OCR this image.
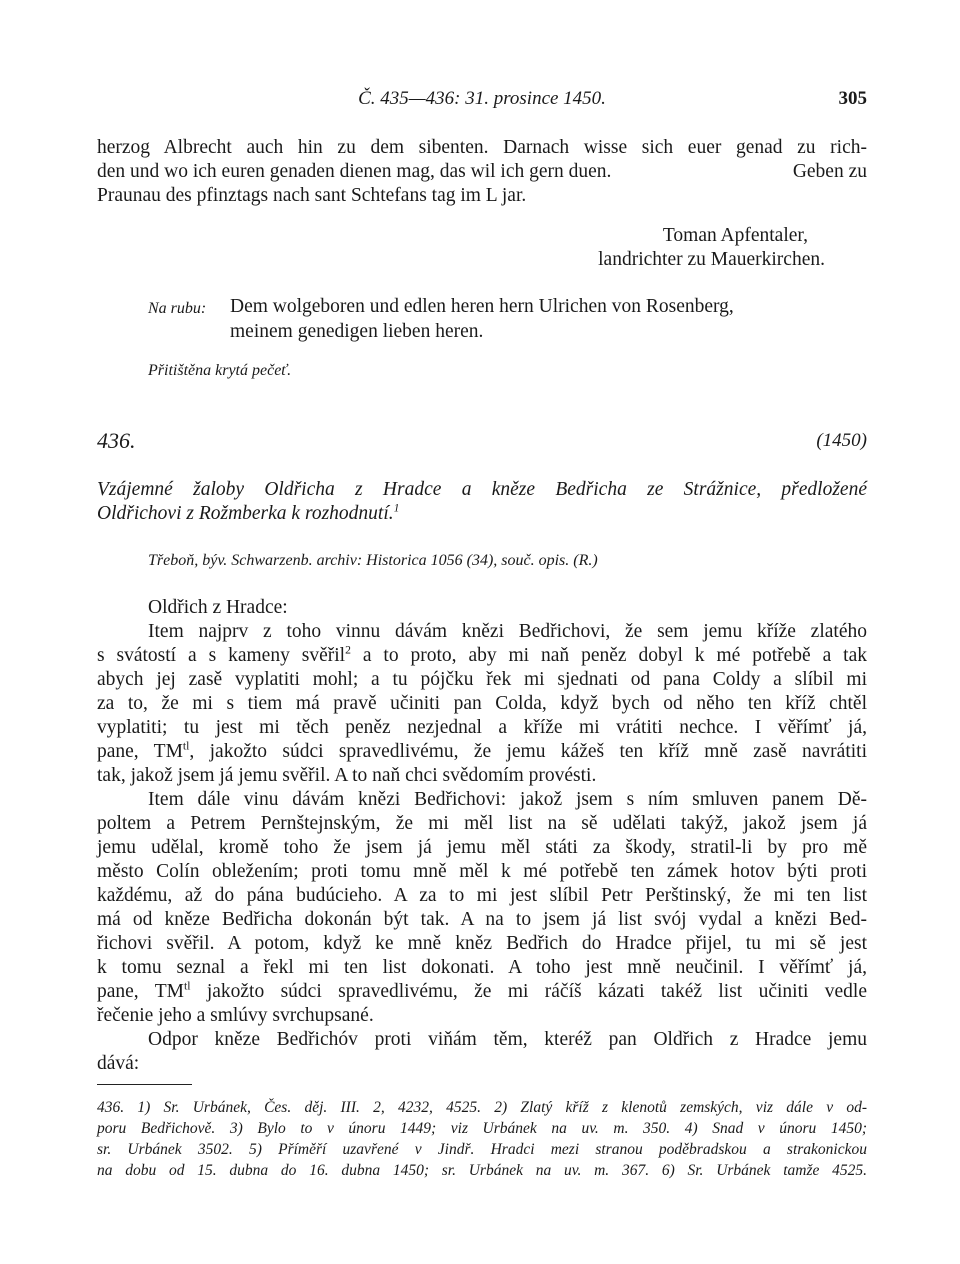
Č. 435—436: 31. prosince 1450.	305
herzog Albrecht auch hin zu dem sibenten. Darnach wisse sich euer genad zu rich-
den und wo ich euren genaden dienen mag, das wil ich gern duen.	Geben zu
Praunau des pfinztags nach sant Schtefans tag im L jar.
Toman Apfentaler,
landrichter zu Mauerkirchen.
Na rubu: Dem wolgeboren und edlen heren hern Ulrichen von Rosenberg,
meinem genedigen lieben heren.
Přitištěna krytá pečeť.
436.	(1450)
Vzájemné žaloby Oldřicha z Hradce a kněze Bedřicha ze Strážnice, předložené
Oldřichovi z Rožmberka k rozhodnutí.$^1$
Třeboň, býv. Schwarzenb. archiv: Historica 1056 (34), souč. opis. (R.)
Oldřich z Hradce:
Item najprv z toho vinnu dávám knězi Bedřichovi, že sem jemu kříže zlatého
s svátostí a s kameny svěřil$^2$ a to proto, aby mi naň peněz dobyl k mé potřebě a tak
abych jej zasě vyplatiti mohl; a tu pójčku řek mi sjednati od pana Coldy a slíbil mi
za to, že mi s tiem má pravě učiniti pan Colda, když bych od něho ten kříž chtěl
vyplatiti; tu jest mi těch peněz nezjednal a kříže mi vrátiti nechce. I věřímť já,
pane, $TM^{tl}$, jakožto súdci spravedlivému, že jemu kážeš ten kříž mně zasě navrátiti
tak, jakož jsem já jemu svěřil. A to naň chci svědomím provésti.
Item dále vinu dávám knězi Bedřichovi: jakož jsem s ním smluven panem Dě-
poltem a Petrem Pernštejnským, že mi měl list na sě udělati takýž, jakož jsem já
jemu udělal, kromě toho že jsem já jemu měl státi za škody, stratil-li by pro mě
město Colín obležením; proti tomu mně měl k mé potřebě ten zámek hotov býti proti
každému, až do pána budúcieho. A za to mi jest slíbil Petr Perštinský, že mi ten list
má od kněze Bedřicha dokonán být tak. A na to jsem já list svój vydal a knězi Bed-
řichovi svěřil. A potom, když ke mně kněz Bedřich do Hradce přijel, tu mi sě jest
k tomu seznal a řekl mi ten list dokonati. A toho jest mně neučinil. I věřímť já,
pane, $TM^{tl}$ jakožto súdci spravedlivému, že mi ráčíš kázati takéž list učiniti vedle
řečenie jeho a smlúvy svrchupsané.
Odpor kněze Bedřichóv proti viňám těm, kteréž pan Oldřich z Hradce jemu
dává:
436. 1) Sr. Urbánek, Čes. děj. III. 2, 4232, 4525. 2) Zlatý kříž z klenotů zemských, viz dále v od-
poru Bedřichově. 3) Bylo to v únoru 1449; viz Urbánek na uv. m. 350. 4) Snad v únoru 1450;
sr. Urbánek 3502. 5) Příměří uzavřené v Jindř. Hradci mezi stranou poděbradskou a strakonickou
na dobu od 15. dubna do 16. dubna 1450; sr. Urbánek na uv. m. 367. 6) Sr. Urbánek tamže 4525.
